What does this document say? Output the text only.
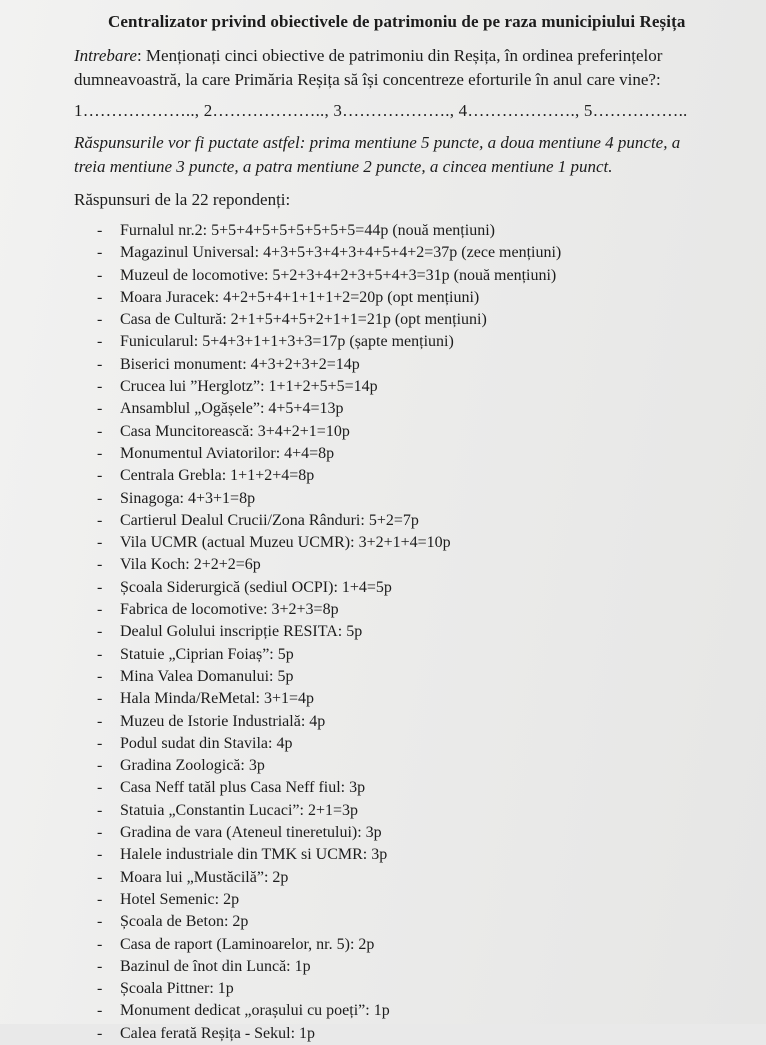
Centralizator privind obiectivele de patrimoniu de pe raza municipiului Reșița
Intrebare: Menționați cinci obiective de patrimoniu din Reșița, în ordinea preferințelor
dumneavoastră, la care Primăria Reșița să își concentreze eforturile în anul care vine?:
1……………….., 2……………….., 3………………., 4………………., 5……………..
Răspunsurile vor fi puctate astfel: prima mentiune 5 puncte, a doua mentiune 4 puncte, a
treia mentiune 3 puncte, a patra mentiune 2 puncte, a cincea mentiune 1 punct.
Răspunsuri de la 22 repondenți:
- Furnalul nr.2: 5+5+4+5+5+5+5+5+5=44p (nouă mențiuni)
- Magazinul Universal: 4+3+5+3+4+3+4+5+4+2=37p (zece mențiuni)
- Muzeul de locomotive: 5+2+3+4+2+3+5+4+3=31p (nouă mențiuni)
- Moara Juracek: 4+2+5+4+1+1+1+2=20p (opt mențiuni)
- Casa de Cultură: 2+1+5+4+5+2+1+1=21p (opt mențiuni)
- Funicularul: 5+4+3+1+1+3+3=17p (șapte mențiuni)
- Biserici monument: 4+3+2+3+2=14p
- Crucea lui ”Herglotz”: 1+1+2+5+5=14p
- Ansamblul „Ogășele”: 4+5+4=13p
- Casa Muncitorească: 3+4+2+1=10p
- Monumentul Aviatorilor: 4+4=8p
- Centrala Grebla: 1+1+2+4=8p
- Sinagoga: 4+3+1=8p
- Cartierul Dealul Crucii/Zona Rânduri: 5+2=7p
- Vila UCMR (actual Muzeu UCMR): 3+2+1+4=10p
- Vila Koch: 2+2+2=6p
- Școala Siderurgică (sediul OCPI): 1+4=5p
- Fabrica de locomotive: 3+2+3=8p
- Dealul Golului inscripție RESITA: 5p
- Statuie „Ciprian Foiaș”: 5p
- Mina Valea Domanului: 5p
- Hala Minda/ReMetal: 3+1=4p
- Muzeu de Istorie Industrială: 4p
- Podul sudat din Stavila: 4p
- Gradina Zoologică: 3p
- Casa Neff tatăl plus Casa Neff fiul: 3p
- Statuia „Constantin Lucaci”: 2+1=3p
- Gradina de vara (Ateneul tineretului): 3p
- Halele industriale din TMK si UCMR: 3p
- Moara lui „Mustăcilă”: 2p
- Hotel Semenic: 2p
- Școala de Beton: 2p
- Casa de raport (Laminoarelor, nr. 5): 2p
- Bazinul de înot din Luncă: 1p
- Școala Pittner: 1p
- Monument dedicat „orașului cu poeți”: 1p
- Calea ferată Reșița - Sekul: 1p
